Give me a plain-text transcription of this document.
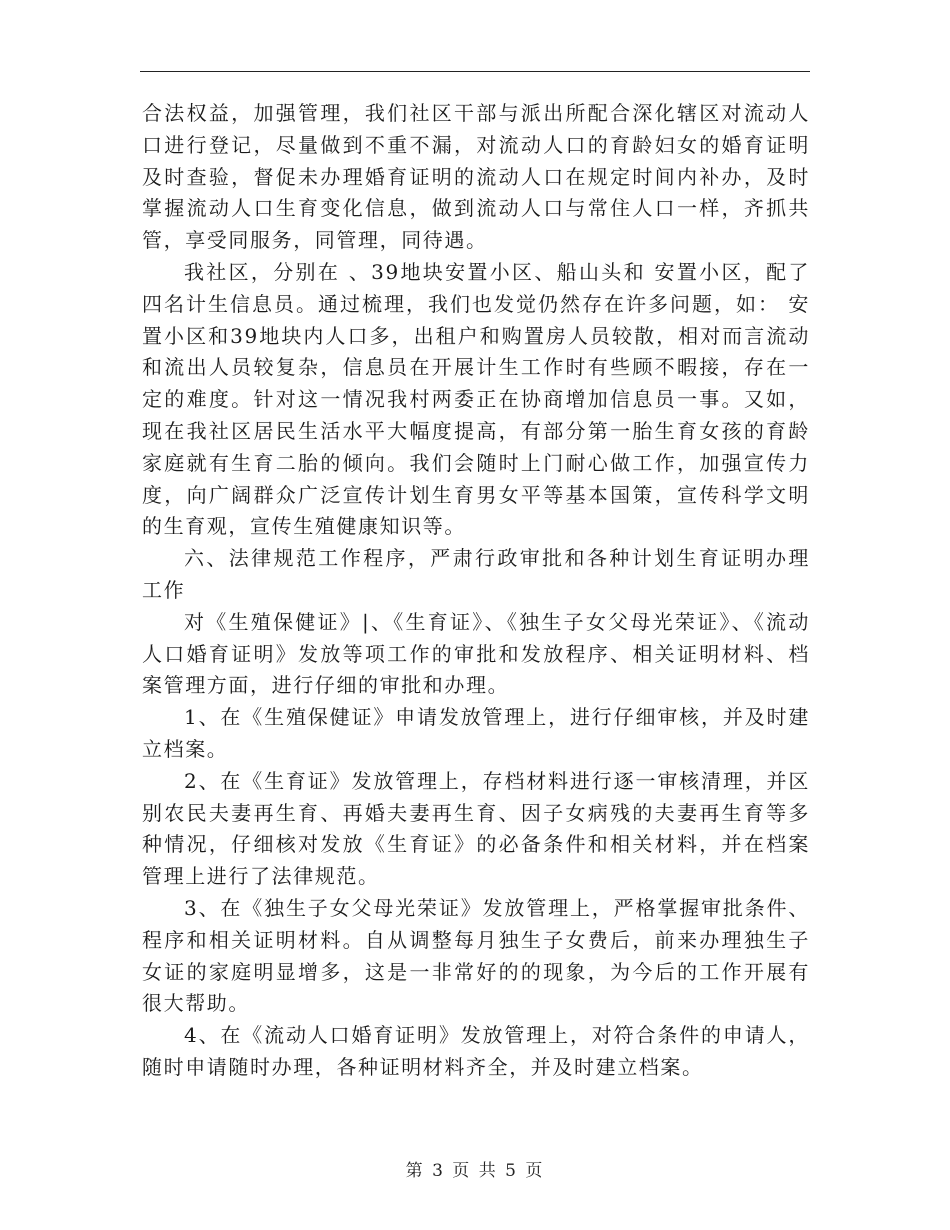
合法权益，加强管理，我们社区干部与派出所配合深化辖区对流动人口进行登记，尽量做到不重不漏，对流动人口的育龄妇女的婚育证明及时查验，督促未办理婚育证明的流动人口在规定时间内补办，及时掌握流动人口生育变化信息，做到流动人口与常住人口一样，齐抓共管，享受同服务，同管理，同待遇。

我社区，分别在 、39地块安置小区、船山头和 安置小区，配了四名计生信息员。通过梳理，我们也发觉仍然存在许多问题，如： 安置小区和39地块内人口多，出租户和购置房人员较散，相对而言流动和流出人员较复杂，信息员在开展计生工作时有些顾不暇接，存在一定的难度。针对这一情况我村两委正在协商增加信息员一事。又如，现在我社区居民生活水平大幅度提高，有部分第一胎生育女孩的育龄家庭就有生育二胎的倾向。我们会随时上门耐心做工作，加强宣传力度，向广阔群众广泛宣传计划生育男女平等基本国策，宣传科学文明的生育观，宣传生殖健康知识等。

六、法律规范工作程序，严肃行政审批和各种计划生育证明办理工作

对《生殖保健证》|、《生育证》、《独生子女父母光荣证》、《流动人口婚育证明》发放等项工作的审批和发放程序、相关证明材料、档案管理方面，进行仔细的审批和办理。

1、在《生殖保健证》申请发放管理上，进行仔细审核，并及时建立档案。

2、在《生育证》发放管理上，存档材料进行逐一审核清理，并区别农民夫妻再生育、再婚夫妻再生育、因子女病残的夫妻再生育等多种情况，仔细核对发放《生育证》的必备条件和相关材料，并在档案管理上进行了法律规范。

3、在《独生子女父母光荣证》发放管理上，严格掌握审批条件、程序和相关证明材料。自从调整每月独生子女费后，前来办理独生子女证的家庭明显增多，这是一非常好的的现象，为今后的工作开展有很大帮助。

4、在《流动人口婚育证明》发放管理上，对符合条件的申请人，随时申请随时办理，各种证明材料齐全，并及时建立档案。

第 3 页 共 5 页
